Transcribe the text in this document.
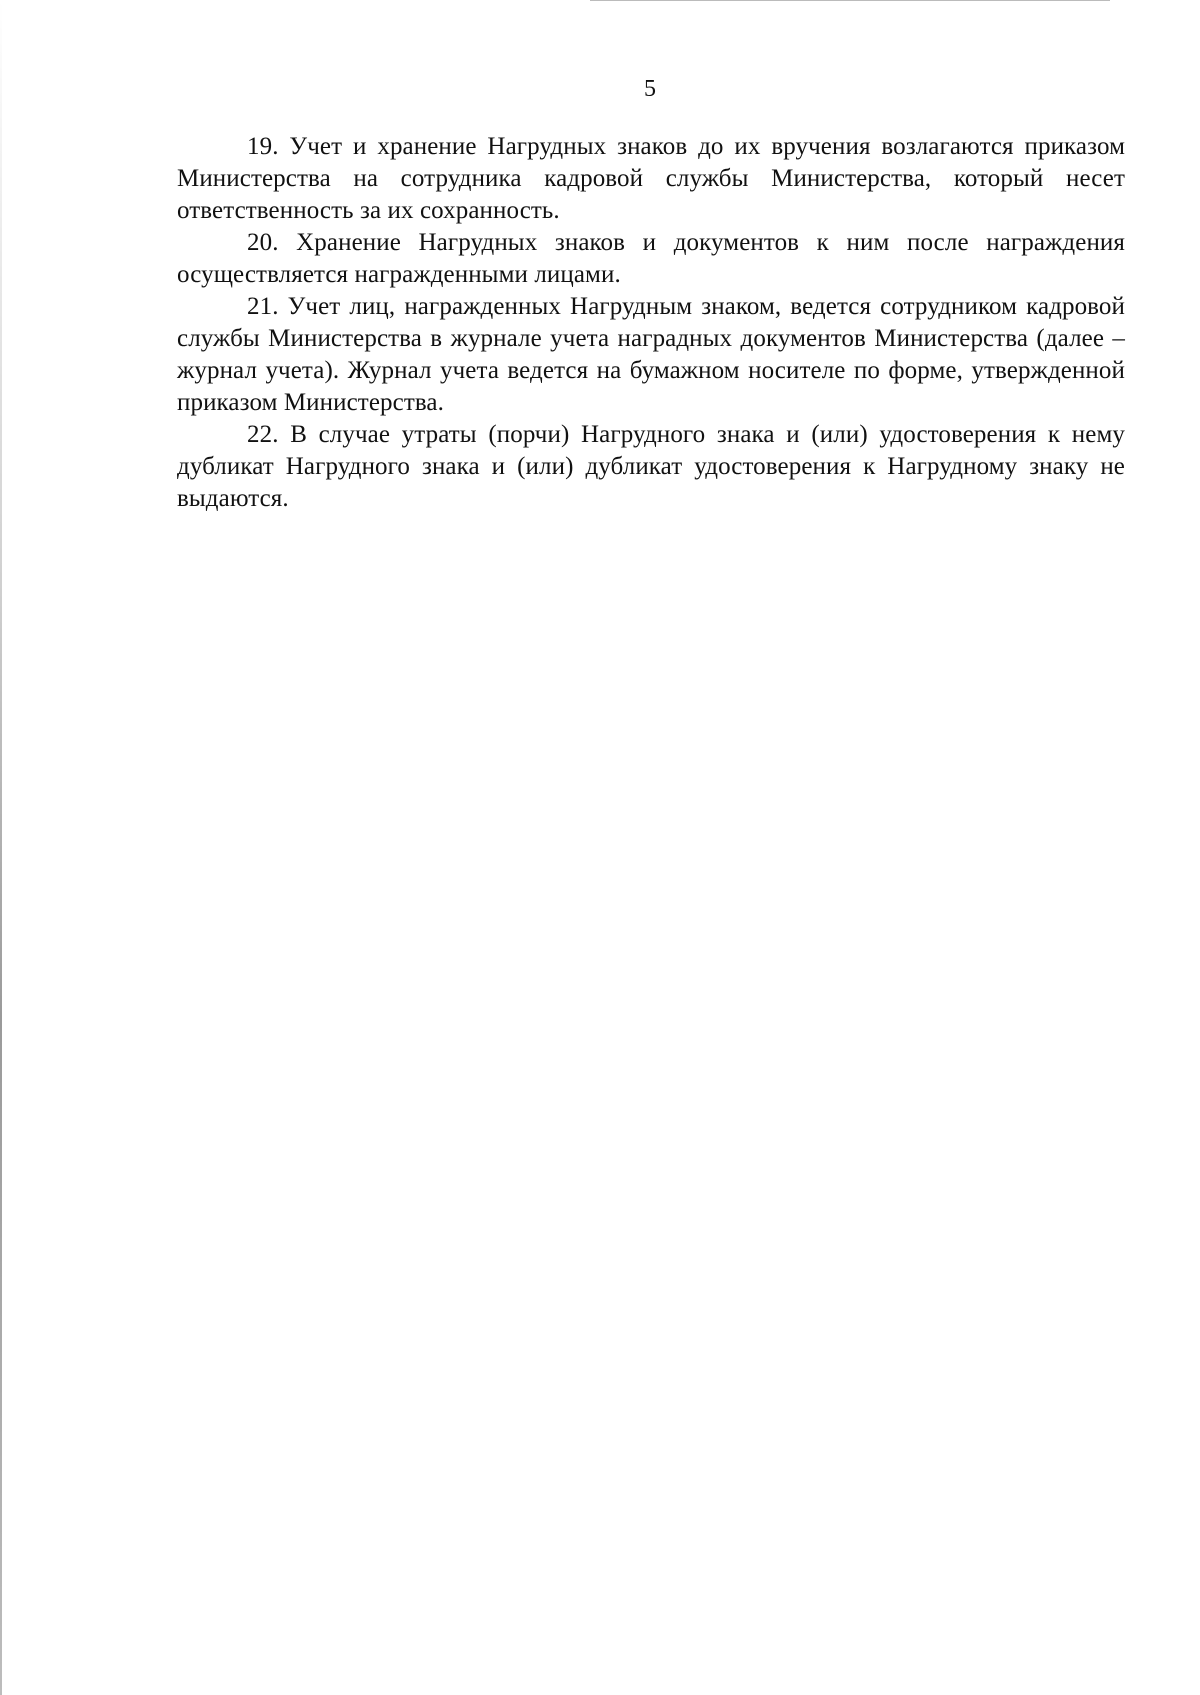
5

19. Учет и хранение Нагрудных знаков до их вручения возлагаются приказом Министерства на сотрудника кадровой службы Министерства, который несет ответственность за их сохранность.

20. Хранение Нагрудных знаков и документов к ним после награждения осуществляется награжденными лицами.

21. Учет лиц, награжденных Нагрудным знаком, ведется сотрудником кадровой службы Министерства в журнале учета наградных документов Министерства (далее – журнал учета). Журнал учета ведется на бумажном носителе по форме, утвержденной приказом Министерства.

22. В случае утраты (порчи) Нагрудного знака и (или) удостоверения к нему дубликат Нагрудного знака и (или) дубликат удостоверения к Нагрудному знаку не выдаются.
